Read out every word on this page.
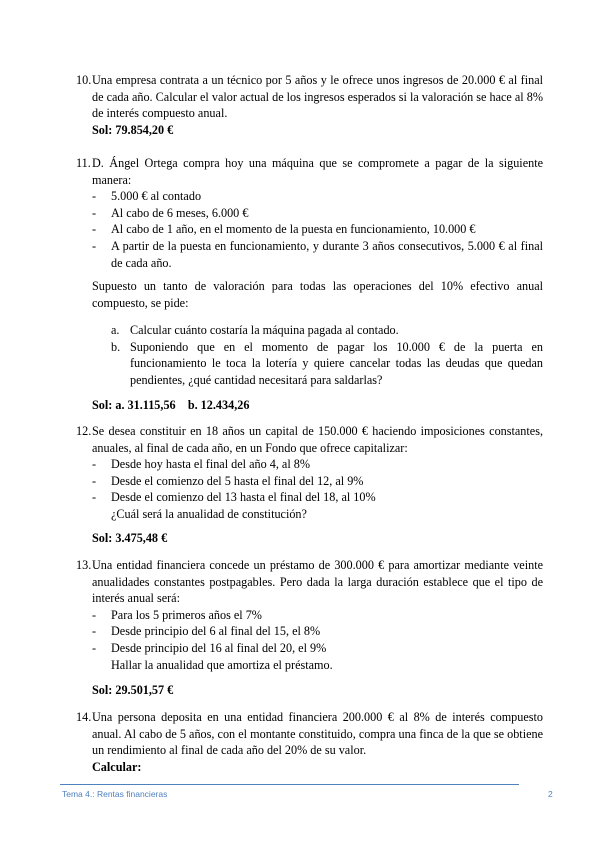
10. Una empresa contrata a un técnico por 5 años y le ofrece unos ingresos de 20.000 € al final de cada año. Calcular el valor actual de los ingresos esperados si la valoración se hace al 8% de interés compuesto anual.

Sol: 79.854,20 €

11. D. Ángel Ortega compra hoy una máquina que se compromete a pagar de la siguiente manera:

- 5.000 € al contado
- Al cabo de 6 meses, 6.000 €
- Al cabo de 1 año, en el momento de la puesta en funcionamiento, 10.000 €
- A partir de la puesta en funcionamiento, y durante 3 años consecutivos, 5.000 € al final de cada año.

Supuesto un tanto de valoración para todas las operaciones del 10% efectivo anual compuesto, se pide:

a. Calcular cuánto costaría la máquina pagada al contado.
b. Suponiendo que en el momento de pagar los 10.000 € de la puerta en funcionamiento le toca la lotería y quiere cancelar todas las deudas que quedan pendientes, ¿qué cantidad necesitará para saldarlas?

Sol: a. 31.115,56    b. 12.434,26

12. Se desea constituir en 18 años un capital de 150.000 € haciendo imposiciones constantes, anuales, al final de cada año, en un Fondo que ofrece capitalizar:

- Desde hoy hasta el final del año 4, al 8%
- Desde el comienzo del 5 hasta el final del 12, al 9%
- Desde el comienzo del 13 hasta el final del 18, al 10%

¿Cuál será la anualidad de constitución?

Sol: 3.475,48 €

13. Una entidad financiera concede un préstamo de 300.000 € para amortizar mediante veinte anualidades constantes postpagables. Pero dada la larga duración establece que el tipo de interés anual será:

- Para los 5 primeros años el 7%
- Desde principio del 6 al final del 15, el 8%
- Desde principio del 16 al final del 20, el 9%

Hallar la anualidad que amortiza el préstamo.

Sol: 29.501,57 €

14. Una persona deposita en una entidad financiera 200.000 € al 8% de interés compuesto anual. Al cabo de 5 años, con el montante constituido, compra una finca de la que se obtiene un rendimiento al final de cada año del 20% de su valor.

Calcular:

Tema 4.: Rentas financieras	2
